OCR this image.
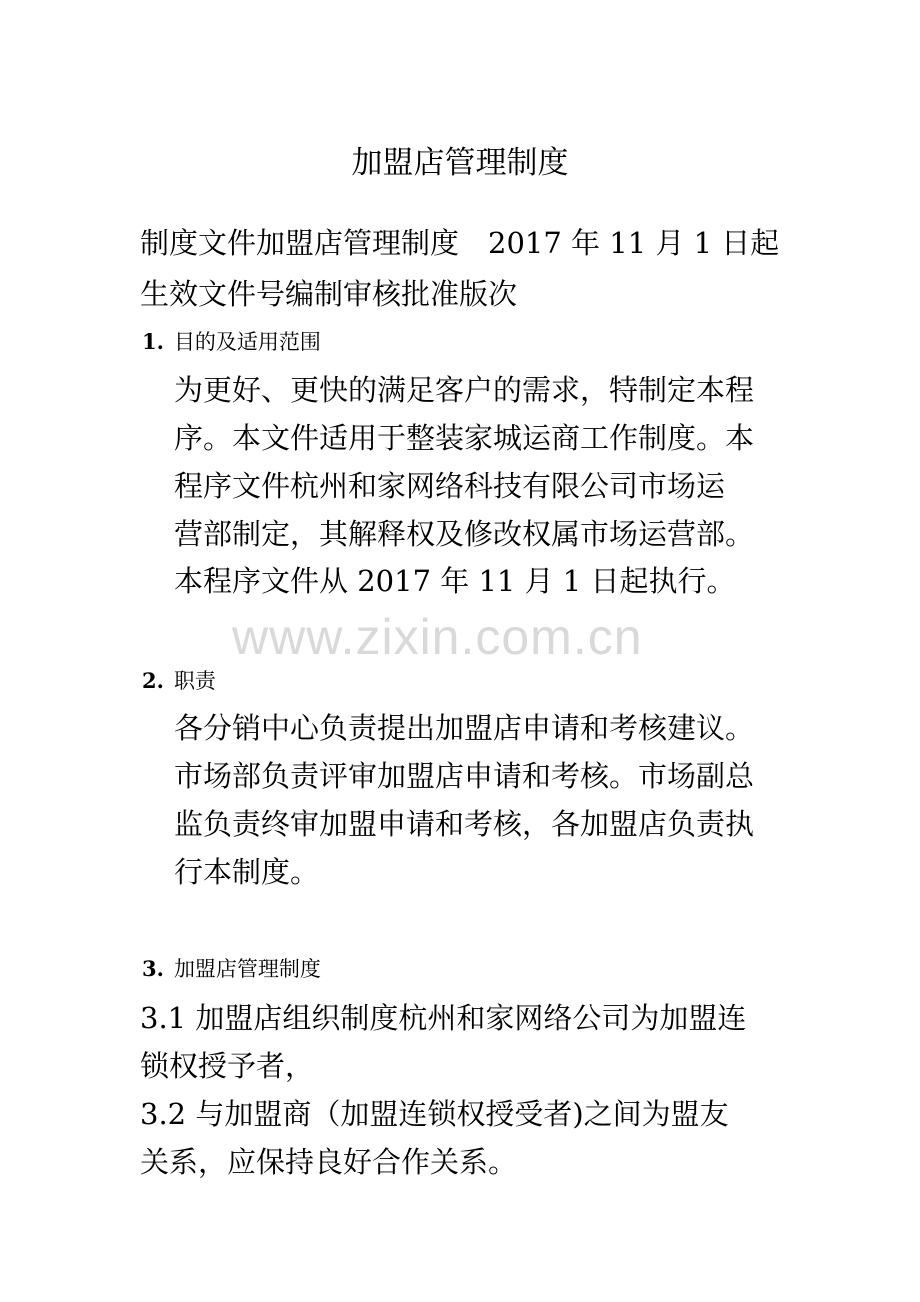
加盟店管理制度
制度文件加盟店管理制度　2017 年 11 月 1 日起
生效文件号编制审核批准版次
1. 目的及适用范围
为更好、更快的满足客户的需求，特制定本程
序。本文件适用于整装家城运商工作制度。本
程序文件杭州和家网络科技有限公司市场运
营部制定，其解释权及修改权属市场运营部。
本程序文件从 2017 年 11 月 1 日起执行。
www.zixin.com.cn
2. 职责
各分销中心负责提出加盟店申请和考核建议。
市场部负责评审加盟店申请和考核。市场副总
监负责终审加盟申请和考核，各加盟店负责执
行本制度。
3. 加盟店管理制度
3.1 加盟店组织制度杭州和家网络公司为加盟连
锁权授予者，
3.2 与加盟商（加盟连锁权授受者)之间为盟友
关系，应保持良好合作关系。
